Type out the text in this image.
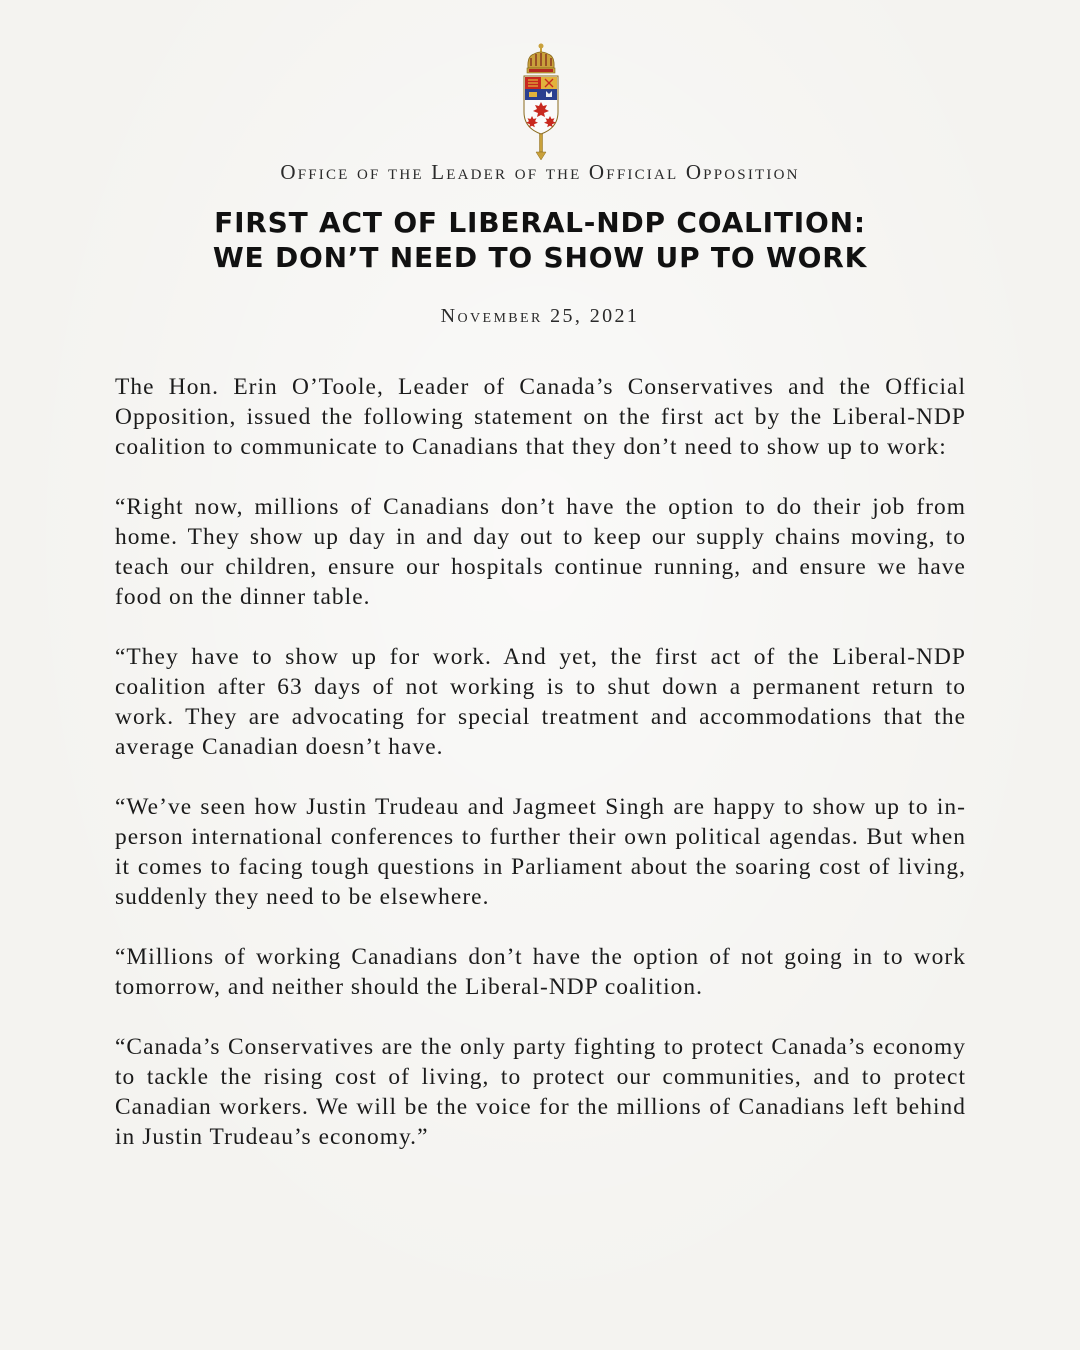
Office of the Leader of the Official Opposition

FIRST ACT OF LIBERAL-NDP COALITION:
WE DON’T NEED TO SHOW UP TO WORK

November 25, 2021

The Hon. Erin O’Toole, Leader of Canada’s Conservatives and the Official Opposition, issued the following statement on the first act by the Liberal-NDP coalition to communicate to Canadians that they don’t need to show up to work:

“Right now, millions of Canadians don’t have the option to do their job from home. They show up day in and day out to keep our supply chains moving, to teach our children, ensure our hospitals continue running, and ensure we have food on the dinner table.

“They have to show up for work. And yet, the first act of the Liberal-NDP coalition after 63 days of not working is to shut down a permanent return to work. They are advocating for special treatment and accommodations that the average Canadian doesn’t have.

“We’ve seen how Justin Trudeau and Jagmeet Singh are happy to show up to in-person international conferences to further their own political agendas. But when it comes to facing tough questions in Parliament about the soaring cost of living, suddenly they need to be elsewhere.

“Millions of working Canadians don’t have the option of not going in to work tomorrow, and neither should the Liberal-NDP coalition.

“Canada’s Conservatives are the only party fighting to protect Canada’s economy to tackle the rising cost of living, to protect our communities, and to protect Canadian workers. We will be the voice for the millions of Canadians left behind in Justin Trudeau’s economy.”
